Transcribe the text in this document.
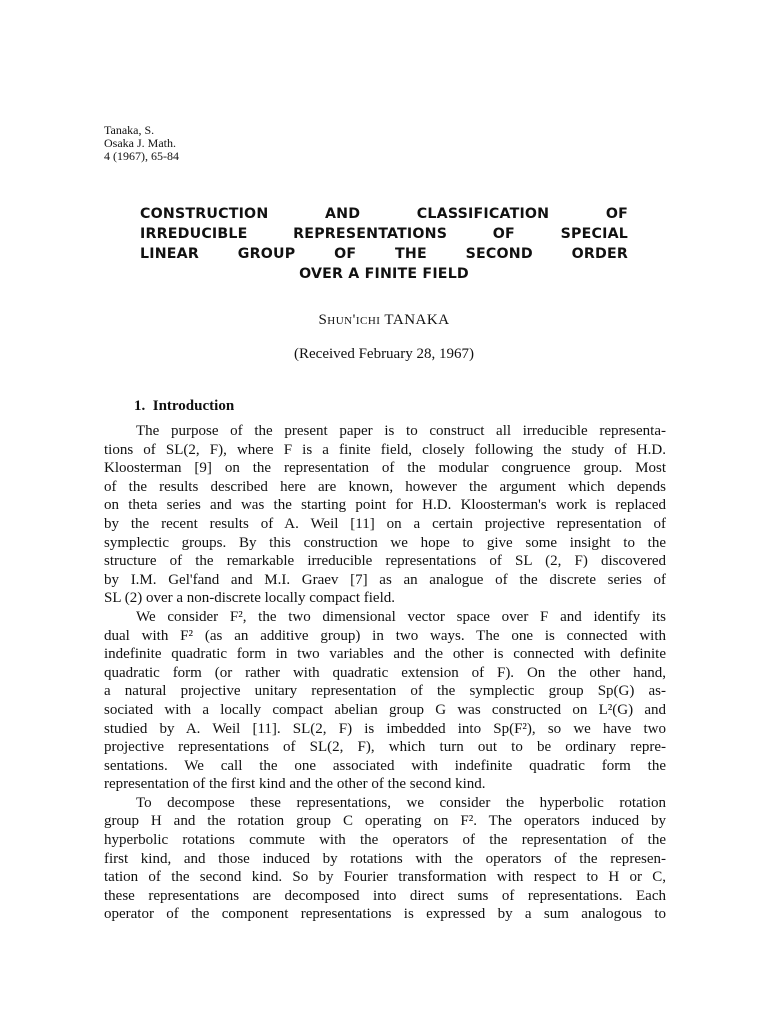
Tanaka, S.
Osaka J. Math.
4 (1967), 65-84
CONSTRUCTION AND CLASSIFICATION OF
IRREDUCIBLE REPRESENTATIONS OF SPECIAL
LINEAR GROUP OF THE SECOND ORDER
OVER A FINITE FIELD
Shun'ichi TANAKA
(Received February 28, 1967)
1. Introduction
The purpose of the present paper is to construct all irreducible representa-
tions of SL(2, F), where F is a finite field, closely following the study of H.D.
Kloosterman [9] on the representation of the modular congruence group. Most
of the results described here are known, however the argument which depends
on theta series and was the starting point for H.D. Kloosterman's work is replaced
by the recent results of A. Weil [11] on a certain projective representation of
symplectic groups. By this construction we hope to give some insight to the
structure of the remarkable irreducible representations of SL (2, F) discovered
by I.M. Gel'fand and M.I. Graev [7] as an analogue of the discrete series of
SL (2) over a non-discrete locally compact field.
We consider F², the two dimensional vector space over F and identify its
dual with F² (as an additive group) in two ways. The one is connected with
indefinite quadratic form in two variables and the other is connected with definite
quadratic form (or rather with quadratic extension of F). On the other hand,
a natural projective unitary representation of the symplectic group Sp(G) as-
sociated with a locally compact abelian group G was constructed on L²(G) and
studied by A. Weil [11]. SL(2, F) is imbedded into Sp(F²), so we have two
projective representations of SL(2, F), which turn out to be ordinary repre-
sentations. We call the one associated with indefinite quadratic form the
representation of the first kind and the other of the second kind.
To decompose these representations, we consider the hyperbolic rotation
group H and the rotation group C operating on F². The operators induced by
hyperbolic rotations commute with the operators of the representation of the
first kind, and those induced by rotations with the operators of the represen-
tation of the second kind. So by Fourier transformation with respect to H or C,
these representations are decomposed into direct sums of representations. Each
operator of the component representations is expressed by a sum analogous to
